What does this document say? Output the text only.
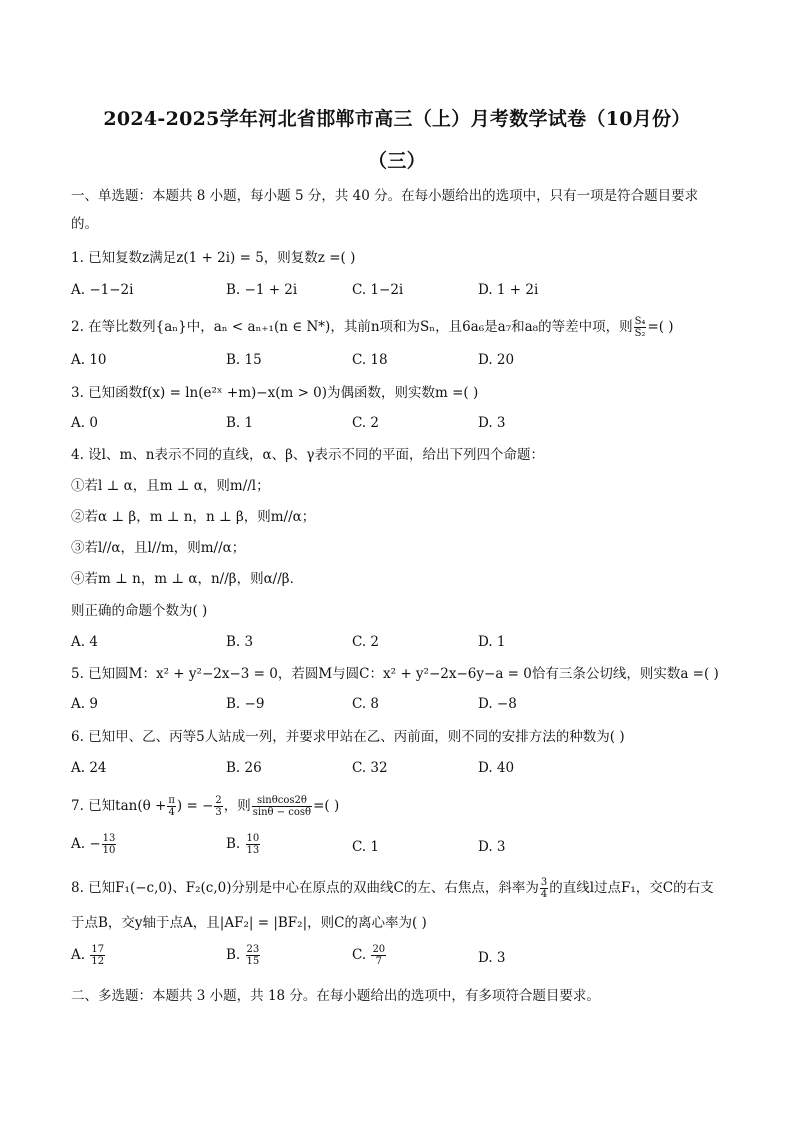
2024-2025学年河北省邯郸市高三（上）月考数学试卷（10月份）
（三）
一、单选题：本题共 8 小题，每小题 5 分，共 40 分。在每小题给出的选项中，只有一项是符合题目要求
的。
1. 已知复数z满足z(1 + 2i) = 5，则复数z =( )
A. −1−2i	B. −1 + 2i	C. 1−2i	D. 1 + 2i
2. 在等比数列{aₙ}中，aₙ < aₙ₊₁(n ∈ N*)，其前n项和为Sₙ，且6a₆是a₇和a₈的等差中项，则 $\frac{\text{S₄}}{\text{S₂}}$ =( )
A. 10	B. 15	C. 18	D. 20
3. 已知函数f(x) = ln(e²ˣ +m)−x(m > 0)为偶函数，则实数m =( )
A. 0	B. 1	C. 2	D. 3
4. 设l、m、n表示不同的直线，α、β、γ表示不同的平面，给出下列四个命题：
①若l ⊥ α，且m ⊥ α，则m//l；
②若α ⊥ β，m ⊥ n，n ⊥ β，则m//α；
③若l//α，且l//m，则m//α；
④若m ⊥ n，m ⊥ α，n//β，则α//β．
则正确的命题个数为( )
A. 4	B. 3	C. 2	D. 1
5. 已知圆M：x² + y²−2x−3 = 0，若圆M与圆C：x² + y²−2x−6y−a = 0恰有三条公切线，则实数a =( )
A. 9	B. −9	C. 8	D. −8
6. 已知甲、乙、丙等5人站成一列，并要求甲站在乙、丙前面，则不同的安排方法的种数为( )
A. 24	B. 26	C. 32	D. 40
7. 已知$\tan(\theta + \frac{\pi}{4}$ ) = − $\frac{2}{3}$ ，则 $\frac{\sin\theta\cos 2\theta}{\sin\theta - \cos\theta}$ =( )
A. − $\frac{13}{10}$	B. $\frac{10}{13}$	C. 1	D. 3
8. 已知F₁(−c,0)、F₂(c,0)分别是中心在原点的双曲线C的左、右焦点，斜率为 $\frac{3}{4}$ 的直线l过点F₁，交C的右支
于点B，交y轴于点A，且|AF₂| = |BF₂|，则C的离心率为( )
A. $\frac{17}{12}$	B. $\frac{23}{15}$	C. $\frac{20}{7}$	D. 3
二、多选题：本题共 3 小题，共 18 分。在每小题给出的选项中，有多项符合题目要求。
